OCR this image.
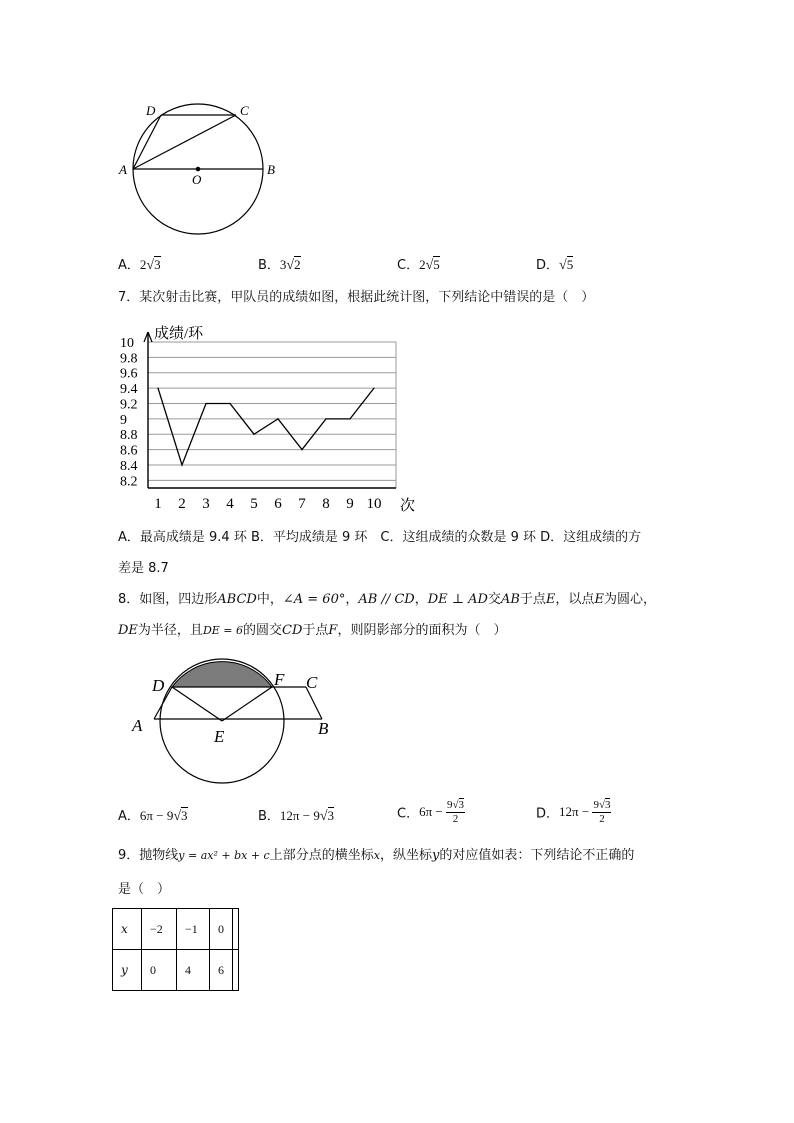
D	C
A
O
B
A．2√3	B．3√2	C．2√5	D．√5
7．某次射击比赛，甲队员的成绩如图，根据此统计图，下列结论中错误的是（　）
8.2
8.4
8.6
8.8
9
9.2
9.4
9.6
9.8
10
1 2 3 4 5 6 7 8 9 10
成绩/环
次
A．最高成绩是 9.4 环 B．平均成绩是 9 环　C．这组成绩的众数是 9 环 D．这组成绩的方
差是 8.7
8．如图，四边形ABCD中，∠A = 60°，AB // CD，DE ⊥ AD交AB于点E，以点E为圆心，
DE为半径，且DE = 6的圆交CD于点F，则阴影部分的面积为（　）
D	F C
A
E	B
A．6π − 9√3	B．12π − 9√3	C．$6\pi - \frac{9√3}{2}$	D．$12\pi - \frac{9√3}{2}$
9．抛物线y = ax² + bx + c上部分点的横坐标x，纵坐标y的对应值如表：下列结论不正确的
是（　）
x	−2	−1	0	
y	0	4	6	
